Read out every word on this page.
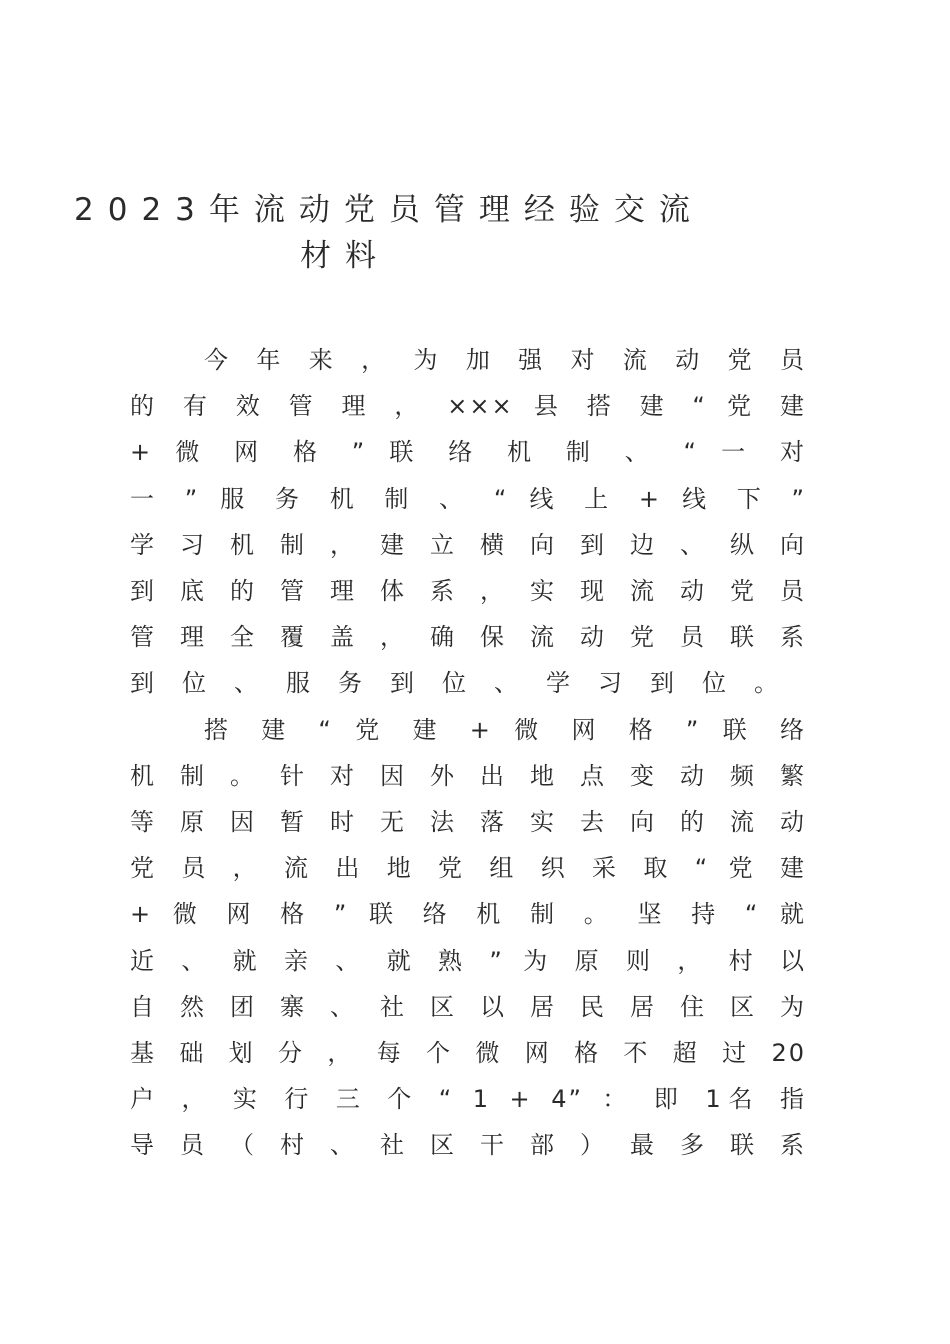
2023年流动党员管理经验交流
材料

今 年 来 ， 为 加 强 对 流 动 党 员
的 有 效 管 理 ， ××× 县 搭 建 “ 党 建
+ 微 网 格 ” 联 络 机 制 、 “ 一 对
一 ” 服 务 机 制 、 “ 线 上 + 线 下 ”
学 习 机 制 ， 建 立 横 向 到 边 、 纵 向
到 底 的 管 理 体 系 ， 实 现 流 动 党 员
管 理 全 覆 盖 ， 确 保 流 动 党 员 联 系
到位、服务到位、学习到位。

搭 建 “ 党 建 + 微 网 格 ” 联 络
机 制 。 针 对 因 外 出 地 点 变 动 频 繁
等 原 因 暂 时 无 法 落 实 去 向 的 流 动
党 员 ， 流 出 地 党 组 织 采 取 “ 党 建
+ 微 网 格 ” 联 络 机 制 。 坚 持 “ 就
近 、 就 亲 、 就 熟 ” 为 原 则 ， 村 以
自 然 团 寨 、 社 区 以 居 民 居 住 区 为
基 础 划 分 ， 每 个 微 网 格 不 超 过 20
户 ， 实 行 三 个 “ 1 + 4” ： 即 1名 指
导 员 （ 村 、 社 区 干 部 ） 最 多 联 系
